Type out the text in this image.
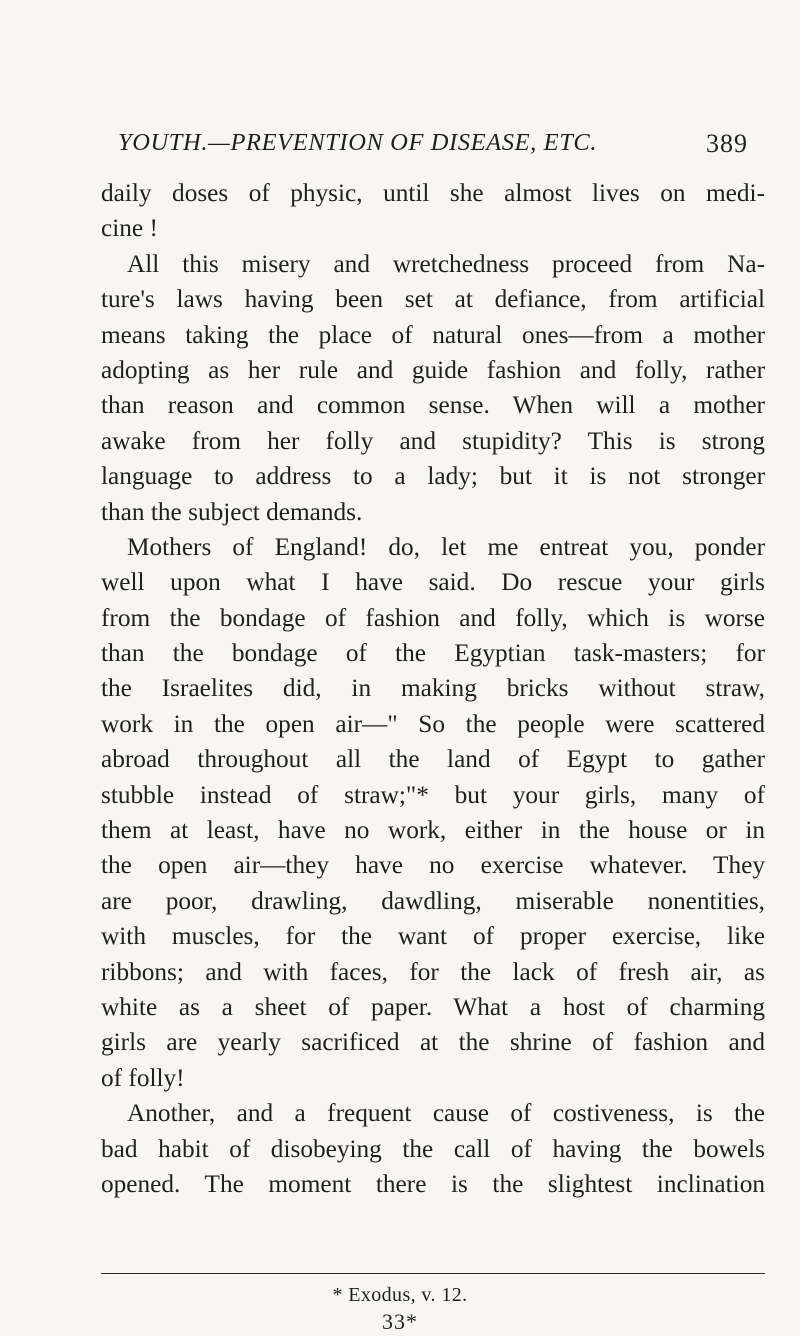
YOUTH.—PREVENTION OF DISEASE, ETC.	389
daily doses of physic, until she almost lives on medi-
cine !
All this misery and wretchedness proceed from Na-
ture's laws having been set at defiance, from artificial
means taking the place of natural ones—from a mother
adopting as her rule and guide fashion and folly, rather
than reason and common sense. When will a mother
awake from her folly and stupidity? This is strong
language to address to a lady; but it is not stronger
than the subject demands.
Mothers of England! do, let me entreat you, ponder
well upon what I have said. Do rescue your girls
from the bondage of fashion and folly, which is worse
than the bondage of the Egyptian task-masters; for
the Israelites did, in making bricks without straw,
work in the open air—" So the people were scattered
abroad throughout all the land of Egypt to gather
stubble instead of straw;"* but your girls, many of
them at least, have no work, either in the house or in
the open air—they have no exercise whatever. They
are poor, drawling, dawdling, miserable nonentities,
with muscles, for the want of proper exercise, like
ribbons; and with faces, for the lack of fresh air, as
white as a sheet of paper. What a host of charming
girls are yearly sacrificed at the shrine of fashion and
of folly!
Another, and a frequent cause of costiveness, is the
bad habit of disobeying the call of having the bowels
opened. The moment there is the slightest inclination
* Exodus, v. 12.
33*
